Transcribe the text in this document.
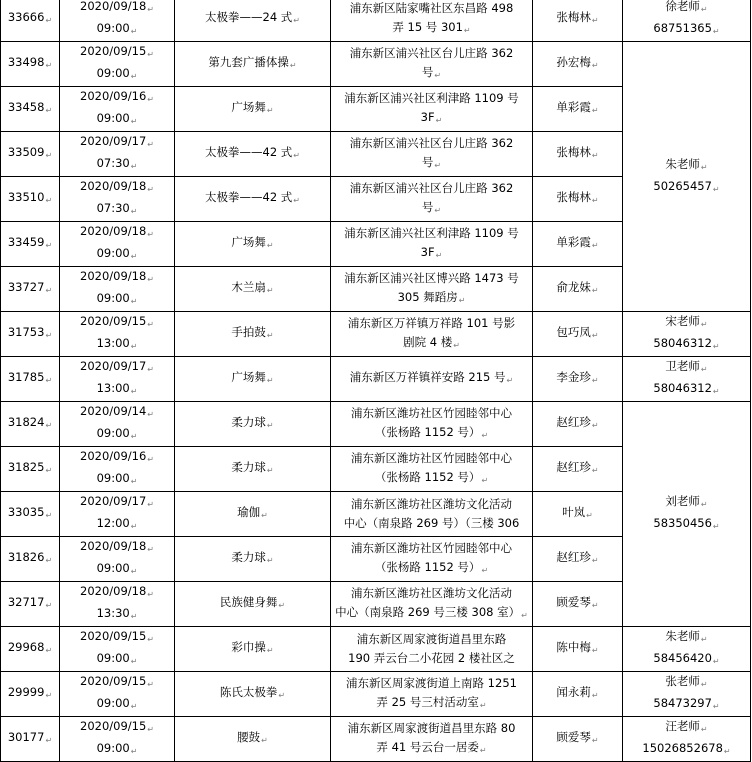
33666↵	2020/09/18↵
09:00↵	太极拳——24 式↵	浦东新区陆家嘴社区东昌路 498
弄 15 号 301↵	张梅林↵	徐老师↵
68751365↵
33498↵	2020/09/15↵
09:00↵	第九套广播体操↵	浦东新区浦兴社区台儿庄路 362
号↵	孙宏梅↵	朱老师↵
50265457↵
33458↵	2020/09/16↵
09:00↵	广场舞↵	浦东新区浦兴社区利津路 1109 号
3F↵	单彩霞↵	
33509↵	2020/09/17↵
07:30↵	太极拳——42 式↵	浦东新区浦兴社区台儿庄路 362
号↵	张梅林↵	
33510↵	2020/09/18↵
07:30↵	太极拳——42 式↵	浦东新区浦兴社区台儿庄路 362
号↵	张梅林↵	
33459↵	2020/09/18↵
09:00↵	广场舞↵	浦东新区浦兴社区利津路 1109 号
3F↵	单彩霞↵	
33727↵	2020/09/18↵
09:00↵	木兰扇↵	浦东新区浦兴社区博兴路 1473 号
305 舞蹈房↵	俞龙妹↵	
31753↵	2020/09/15↵
13:00↵	手拍鼓↵	浦东新区万祥镇万祥路 101 号影
剧院 4 楼↵	包巧凤↵	宋老师↵
58046312↵
31785↵	2020/09/17↵
13:00↵	广场舞↵	浦东新区万祥镇祥安路 215 号↵	李金珍↵	卫老师↵
58046312↵
31824↵	2020/09/14↵
09:00↵	柔力球↵	浦东新区潍坊社区竹园睦邻中心
（张杨路 1152 号）↵	赵红珍↵	刘老师↵
58350456↵
31825↵	2020/09/16↵
09:00↵	柔力球↵	浦东新区潍坊社区竹园睦邻中心
（张杨路 1152 号）↵	赵红珍↵	
33035↵	2020/09/17↵
12:00↵	瑜伽↵	浦东新区潍坊社区潍坊文化活动
中心（南泉路 269 号）（三楼 306	叶岚↵	
31826↵	2020/09/18↵
09:00↵	柔力球↵	浦东新区潍坊社区竹园睦邻中心
（张杨路 1152 号）↵	赵红珍↵	
32717↵	2020/09/18↵
13:30↵	民族健身舞↵	浦东新区潍坊社区潍坊文化活动
中心（南泉路 269 号三楼 308 室）↵	顾爱琴↵	
29968↵	2020/09/15↵
09:00↵	彩巾操↵	浦东新区周家渡街道昌里东路
190 弄云台二小花园 2 楼社区之	陈中梅↵	朱老师↵
58456420↵
29999↵	2020/09/15↵
09:00↵	陈氏太极拳↵	浦东新区周家渡街道上南路 1251
弄 25 号三村活动室↵	闻永莉↵	张老师↵
58473297↵
30177↵	2020/09/15↵
09:00↵	腰鼓↵	浦东新区周家渡街道昌里东路 80
弄 41 号云台一居委↵	顾爱琴↵	汪老师↵
15026852678↵
